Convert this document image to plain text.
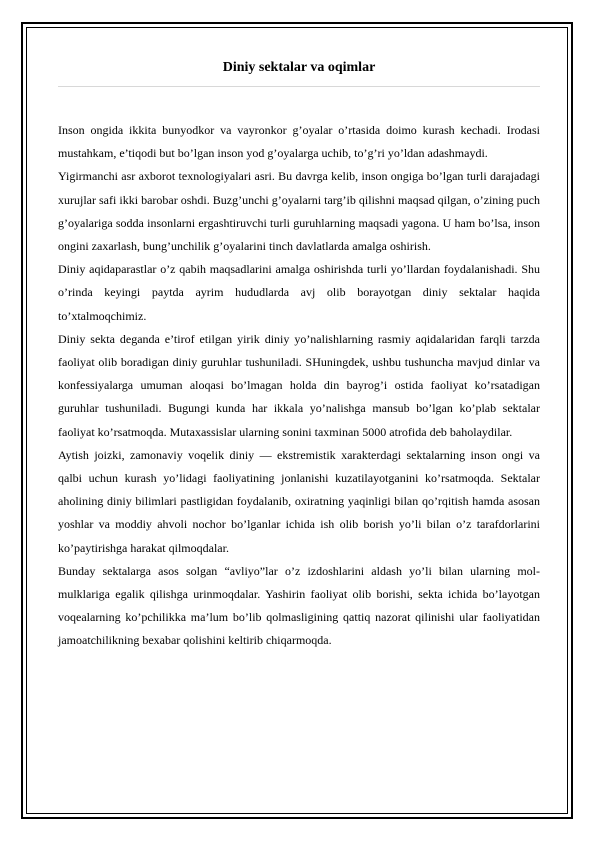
Diniy sektalar va oqimlar

Inson ongida ikkita bunyodkor va vayronkor g’oyalar o’rtasida doimo kurash kechadi. Irodasi mustahkam, e’tiqodi but bo’lgan inson yod g’oyalarga uchib, to’g’ri yo’ldan adashmaydi.

Yigirmanchi asr axborot texnologiyalari asri. Bu davrga kelib, inson ongiga bo’lgan turli darajadagi xurujlar safi ikki barobar oshdi. Buzg’unchi g’oyalarni targ’ib qilishni maqsad qilgan, o’zining puch g’oyalariga sodda insonlarni ergashtiruvchi turli guruhlarning maqsadi yagona. U ham bo’lsa, inson ongini zaxarlash, bung’unchilik g’oyalarini tinch davlatlarda amalga oshirish.

Diniy aqidaparastlar o’z qabih maqsadlarini amalga oshirishda turli yo’llardan foydalanishadi. Shu o’rinda keyingi paytda ayrim hududlarda avj olib borayotgan diniy sektalar haqida to’xtalmoqchimiz.

Diniy sekta deganda e’tirof etilgan yirik diniy yo’nalishlarning rasmiy aqidalaridan farqli tarzda faoliyat olib boradigan diniy guruhlar tushuniladi. SHuningdek, ushbu tushuncha mavjud dinlar va konfessiyalarga umuman aloqasi bo’lmagan holda din bayrog’i ostida faoliyat ko’rsatadigan guruhlar tushuniladi. Bugungi kunda har ikkala yo’nalishga mansub bo’lgan ko’plab sektalar faoliyat ko’rsatmoqda. Mutaxassislar ularning sonini taxminan 5000 atrofida deb baholaydilar.

Aytish joizki, zamonaviy voqelik diniy — ekstremistik xarakterdagi sektalarning inson ongi va qalbi uchun kurash yo’lidagi faoliyatining jonlanishi kuzatilayotganini ko’rsatmoqda. Sektalar aholining diniy bilimlari pastligidan foydalanib, oxiratning yaqinligi bilan qo’rqitish hamda asosan yoshlar va moddiy ahvoli nochor bo’lganlar ichida ish olib borish yo’li bilan o’z tarafdorlarini ko’paytirishga harakat qilmoqdalar.

Bunday sektalarga asos solgan “avliyo”lar o’z izdoshlarini aldash yo’li bilan ularning mol-mulklariga egalik qilishga urinmoqdalar. Yashirin faoliyat olib borishi, sekta ichida bo’layotgan voqealarning ko’pchilikka ma’lum bo’lib qolmasligining qattiq nazorat qilinishi ular faoliyatidan jamoatchilikning bexabar qolishini keltirib chiqarmoqda.
